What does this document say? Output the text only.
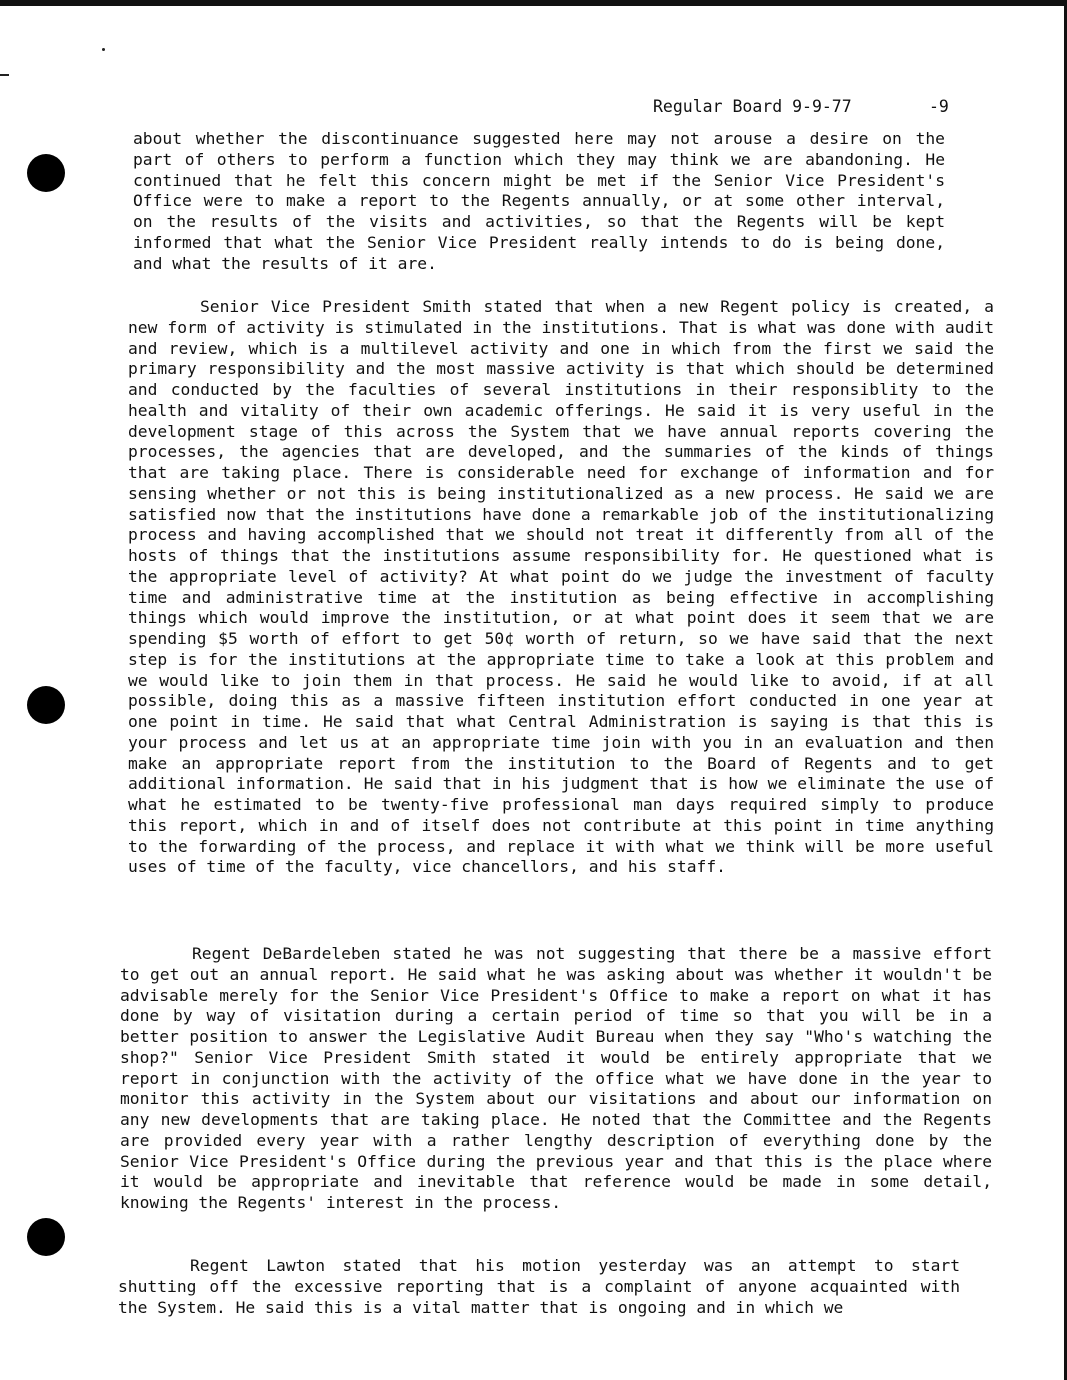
Regular Board 9-9-77

	-9

about whether the discontinuance suggested here may not arouse a desire on the part of others to perform a function which they may think we are abandoning. He continued that he felt this concern might be met if the Senior Vice President's Office were to make a report to the Regents annually, or at some other interval, on the results of the visits and activities, so that the Regents will be kept informed that what the Senior Vice President really intends to do is being done, and what the results of it are.

Senior Vice President Smith stated that when a new Regent policy is created, a new form of activity is stimulated in the institutions. That is what was done with audit and review, which is a multilevel activity and one in which from the first we said the primary responsibility and the most massive activity is that which should be determined and conducted by the faculties of several institutions in their responsiblity to the health and vitality of their own academic offerings. He said it is very useful in the development stage of this across the System that we have annual reports covering the processes, the agencies that are developed, and the summaries of the kinds of things that are taking place. There is considerable need for exchange of information and for sensing whether or not this is being institutionalized as a new process. He said we are satisfied now that the institutions have done a remarkable job of the institutionalizing process and having accomplished that we should not treat it differently from all of the hosts of things that the institutions assume responsibility for. He questioned what is the appropriate level of activity? At what point do we judge the investment of faculty time and administrative time at the institution as being effective in accomplishing things which would improve the institution, or at what point does it seem that we are spending $5 worth of effort to get 50¢ worth of return, so we have said that the next step is for the institutions at the appropriate time to take a look at this problem and we would like to join them in that process. He said he would like to avoid, if at all possible, doing this as a massive fifteen institution effort conducted in one year at one point in time. He said that what Central Administration is saying is that this is your process and let us at an appropriate time join with you in an evaluation and then make an appropriate report from the institution to the Board of Regents and to get additional information. He said that in his judgment that is how we eliminate the use of what he estimated to be twenty-five professional man days required simply to produce this report, which in and of itself does not contribute at this point in time anything to the forwarding of the process, and replace it with what we think will be more useful uses of time of the faculty, vice chancellors, and his staff.

Regent DeBardeleben stated he was not suggesting that there be a massive effort to get out an annual report. He said what he was asking about was whether it wouldn't be advisable merely for the Senior Vice President's Office to make a report on what it has done by way of visitation during a certain period of time so that you will be in a better position to answer the Legislative Audit Bureau when they say "Who's watching the shop?" Senior Vice President Smith stated it would be entirely appropriate that we report in conjunction with the activity of the office what we have done in the year to monitor this activity in the System about our visitations and about our information on any new developments that are taking place. He noted that the Committee and the Regents are provided every year with a rather lengthy description of everything done by the Senior Vice President's Office during the previous year and that this is the place where it would be appropriate and inevitable that reference would be made in some detail, knowing the Regents' interest in the process.

Regent Lawton stated that his motion yesterday was an attempt to start shutting off the excessive reporting that is a complaint of anyone acquainted with the System. He said this is a vital matter that is ongoing and in which we
